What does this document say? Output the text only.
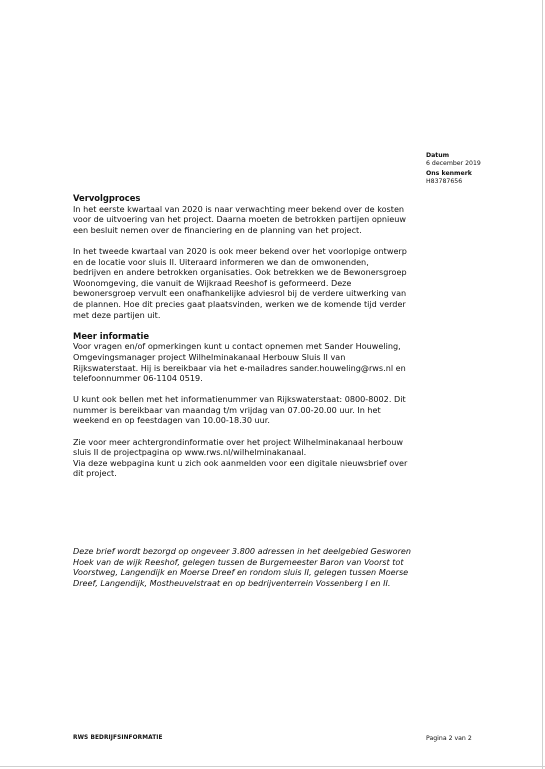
Datum
6 december 2019
Ons kenmerk
H83787656
Vervolgproces
In het eerste kwartaal van 2020 is naar verwachting meer bekend over de kosten
voor de uitvoering van het project. Daarna moeten de betrokken partijen opnieuw
een besluit nemen over de financiering en de planning van het project.
In het tweede kwartaal van 2020 is ook meer bekend over het voorlopige ontwerp
en de locatie voor sluis II. Uiteraard informeren we dan de omwonenden,
bedrijven en andere betrokken organisaties. Ook betrekken we de Bewonersgroep
Woonomgeving, die vanuit de Wijkraad Reeshof is geformeerd. Deze
bewonersgroep vervult een onafhankelijke adviesrol bij de verdere uitwerking van
de plannen. Hoe dit precies gaat plaatsvinden, werken we de komende tijd verder
met deze partijen uit.
Meer informatie
Voor vragen en/of opmerkingen kunt u contact opnemen met Sander Houweling,
Omgevingsmanager project Wilhelminakanaal Herbouw Sluis II van
Rijkswaterstaat. Hij is bereikbaar via het e-mailadres sander.houweling@rws.nl en
telefoonnummer 06-1104 0519.
U kunt ook bellen met het informatienummer van Rijkswaterstaat: 0800-8002. Dit
nummer is bereikbaar van maandag t/m vrijdag van 07.00-20.00 uur. In het
weekend en op feestdagen van 10.00-18.30 uur.
Zie voor meer achtergrondinformatie over het project Wilhelminakanaal herbouw
sluis II de projectpagina op www.rws.nl/wilhelminakanaal.
Via deze webpagina kunt u zich ook aanmelden voor een digitale nieuwsbrief over
dit project.
Deze brief wordt bezorgd op ongeveer 3.800 adressen in het deelgebied Gesworen
Hoek van de wijk Reeshof, gelegen tussen de Burgemeester Baron van Voorst tot
Voorstweg, Langendijk en Moerse Dreef en rondom sluis II, gelegen tussen Moerse
Dreef, Langendijk, Mostheuvelstraat en op bedrijventerrein Vossenberg I en II.
RWS BEDRIJFSINFORMATIE	Pagina 2 van 2
